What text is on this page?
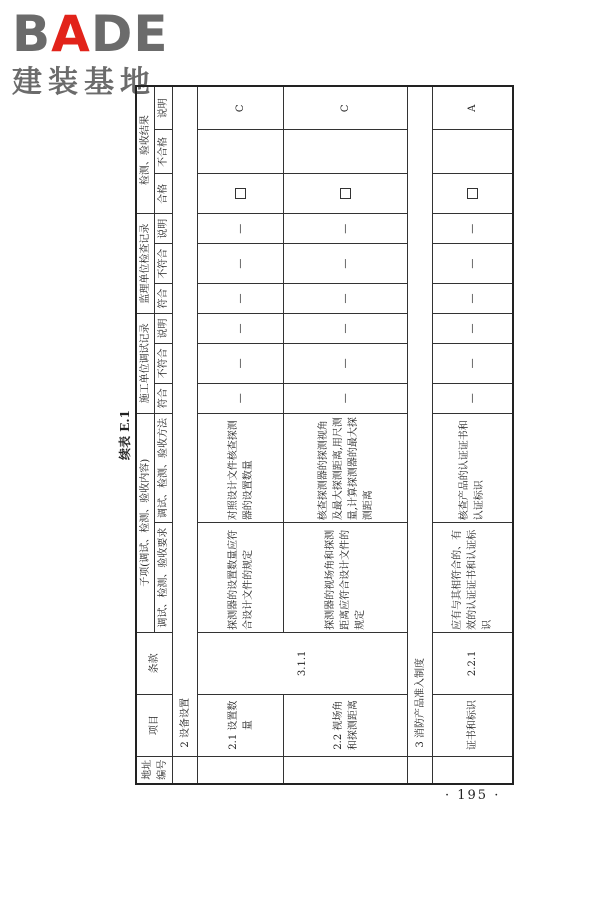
BADE
建装基地
续表 E.1
地址编号	项目	条款	子项(调试、检测、验收内容)		施工单位调试记录			监理单位检查记录			检测、验收结果		
			调试、检测、验收要求	调试、检测、验收方法	符合	不符合	说明	符合	不符合	说明	合格	不合格	说明
	2 设备设置												
	2.1 设置数量	3.1.1	探测器的设置数量应符合设计文件的规定	对照设计文件核查探测器的设置数量	—	—	—	—	—	—			C
	2.2 视场角和探测距离		探测器的视场角和探测距离应符合设计文件的规定	核查探测器的探测视角及最大探测距离,用尺测量,计算探测器的最大探测距离	—	—	—	—	—	—			C
	3 消防产品准入制度												
	证书和标识	2.2.1	应有与其相符合的、有效的认证证书和认证标识	核查产品的认证证书和认证标识	—	—	—	—	—	—			A
· 195 ·
